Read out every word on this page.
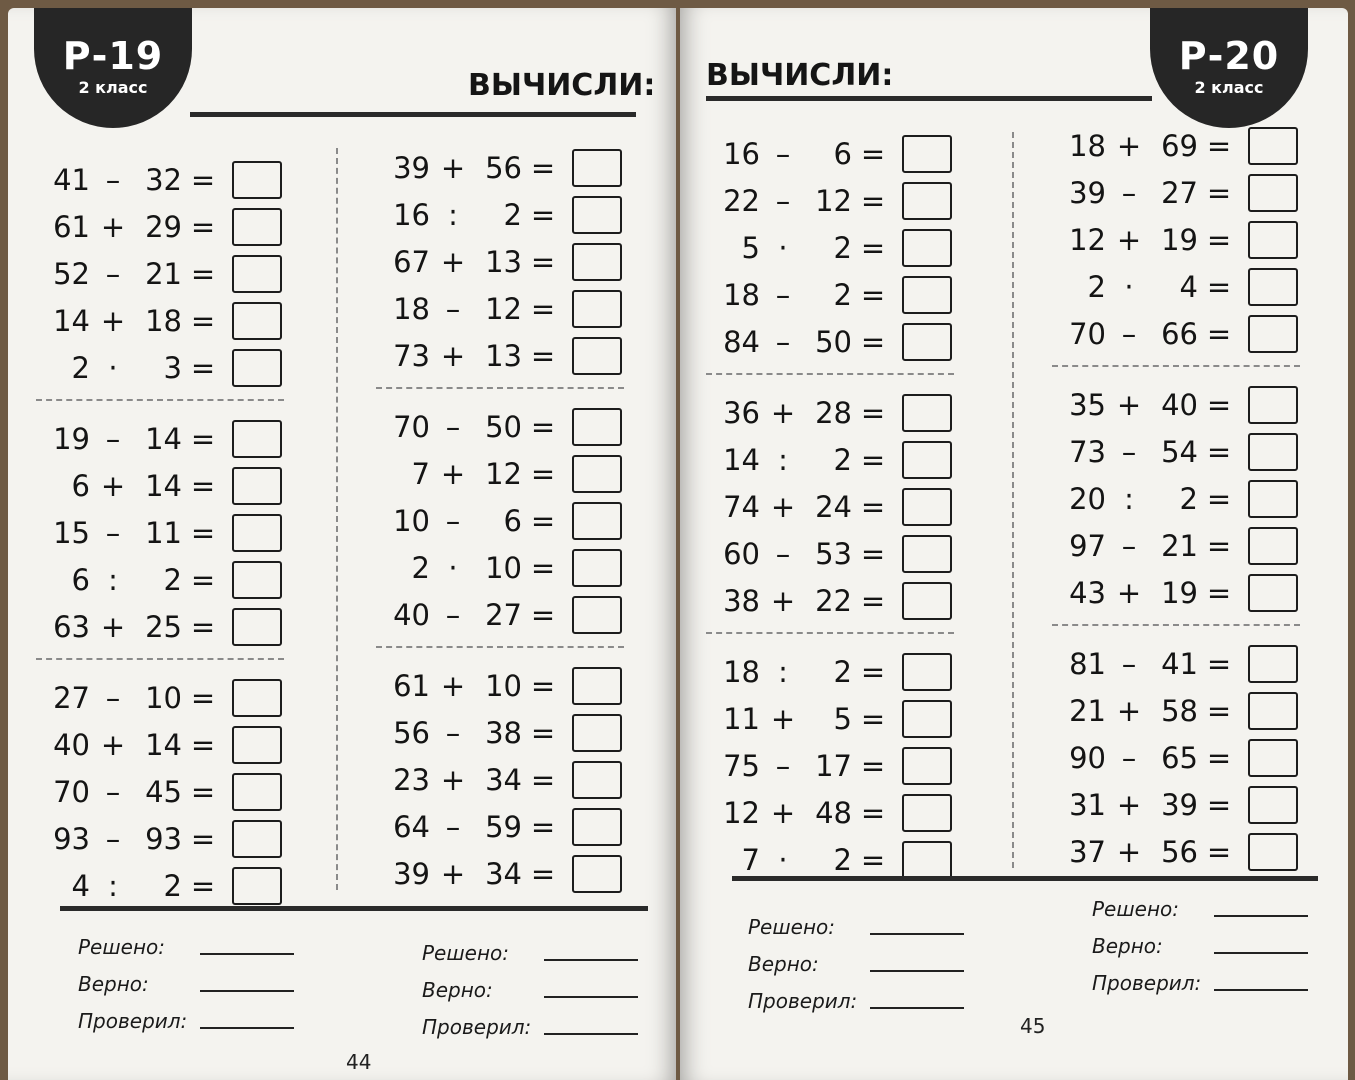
Р-19
2 класс	ВЫЧИСЛИ:
41 – 32 =
61 + 29 =
52 – 21 =
14 + 18 =
2 ·	3 =
19 – 14 =
6 + 14 =
15 – 11 =
6 :	2 =
63 + 25 =
27 – 10 =
40 + 14 =
70 – 45 =
93 – 93 =
4 :	2 =
39 + 56 =
16 :	2 =
67 + 13 =
18 – 12 =
73 + 13 =
70 – 50 =
7 + 12 =
10 –	6 =
2 · 10 =
40 – 27 =
61 + 10 =
56 – 38 =
23 + 34 =
64 – 59 =
39 + 34 =
Решено:
Верно:
Проверил:
Решено:
Верно:
Проверил:
44
Р-20
2 класс
ВЫЧИСЛИ:
16 –	6 =
22 – 12 =
5 ·	2 =
18 –	2 =
84 – 50 =
36 + 28 =
14 :	2 =
74 + 24 =
60 – 53 =
38 + 22 =
18 :	2 =
11 +	5 =
75 – 17 =
12 + 48 =
7 ·	2 =
18 + 69 =
39 – 27 =
12 + 19 =
2 ·	4 =
70 – 66 =
35 + 40 =
73 – 54 =
20 :	2 =
97 – 21 =
43 + 19 =
81 – 41 =
21 + 58 =
90 – 65 =
31 + 39 =
37 + 56 =
Решено:
Верно:
Проверил:
Решено:
Верно:
Проверил:
45
